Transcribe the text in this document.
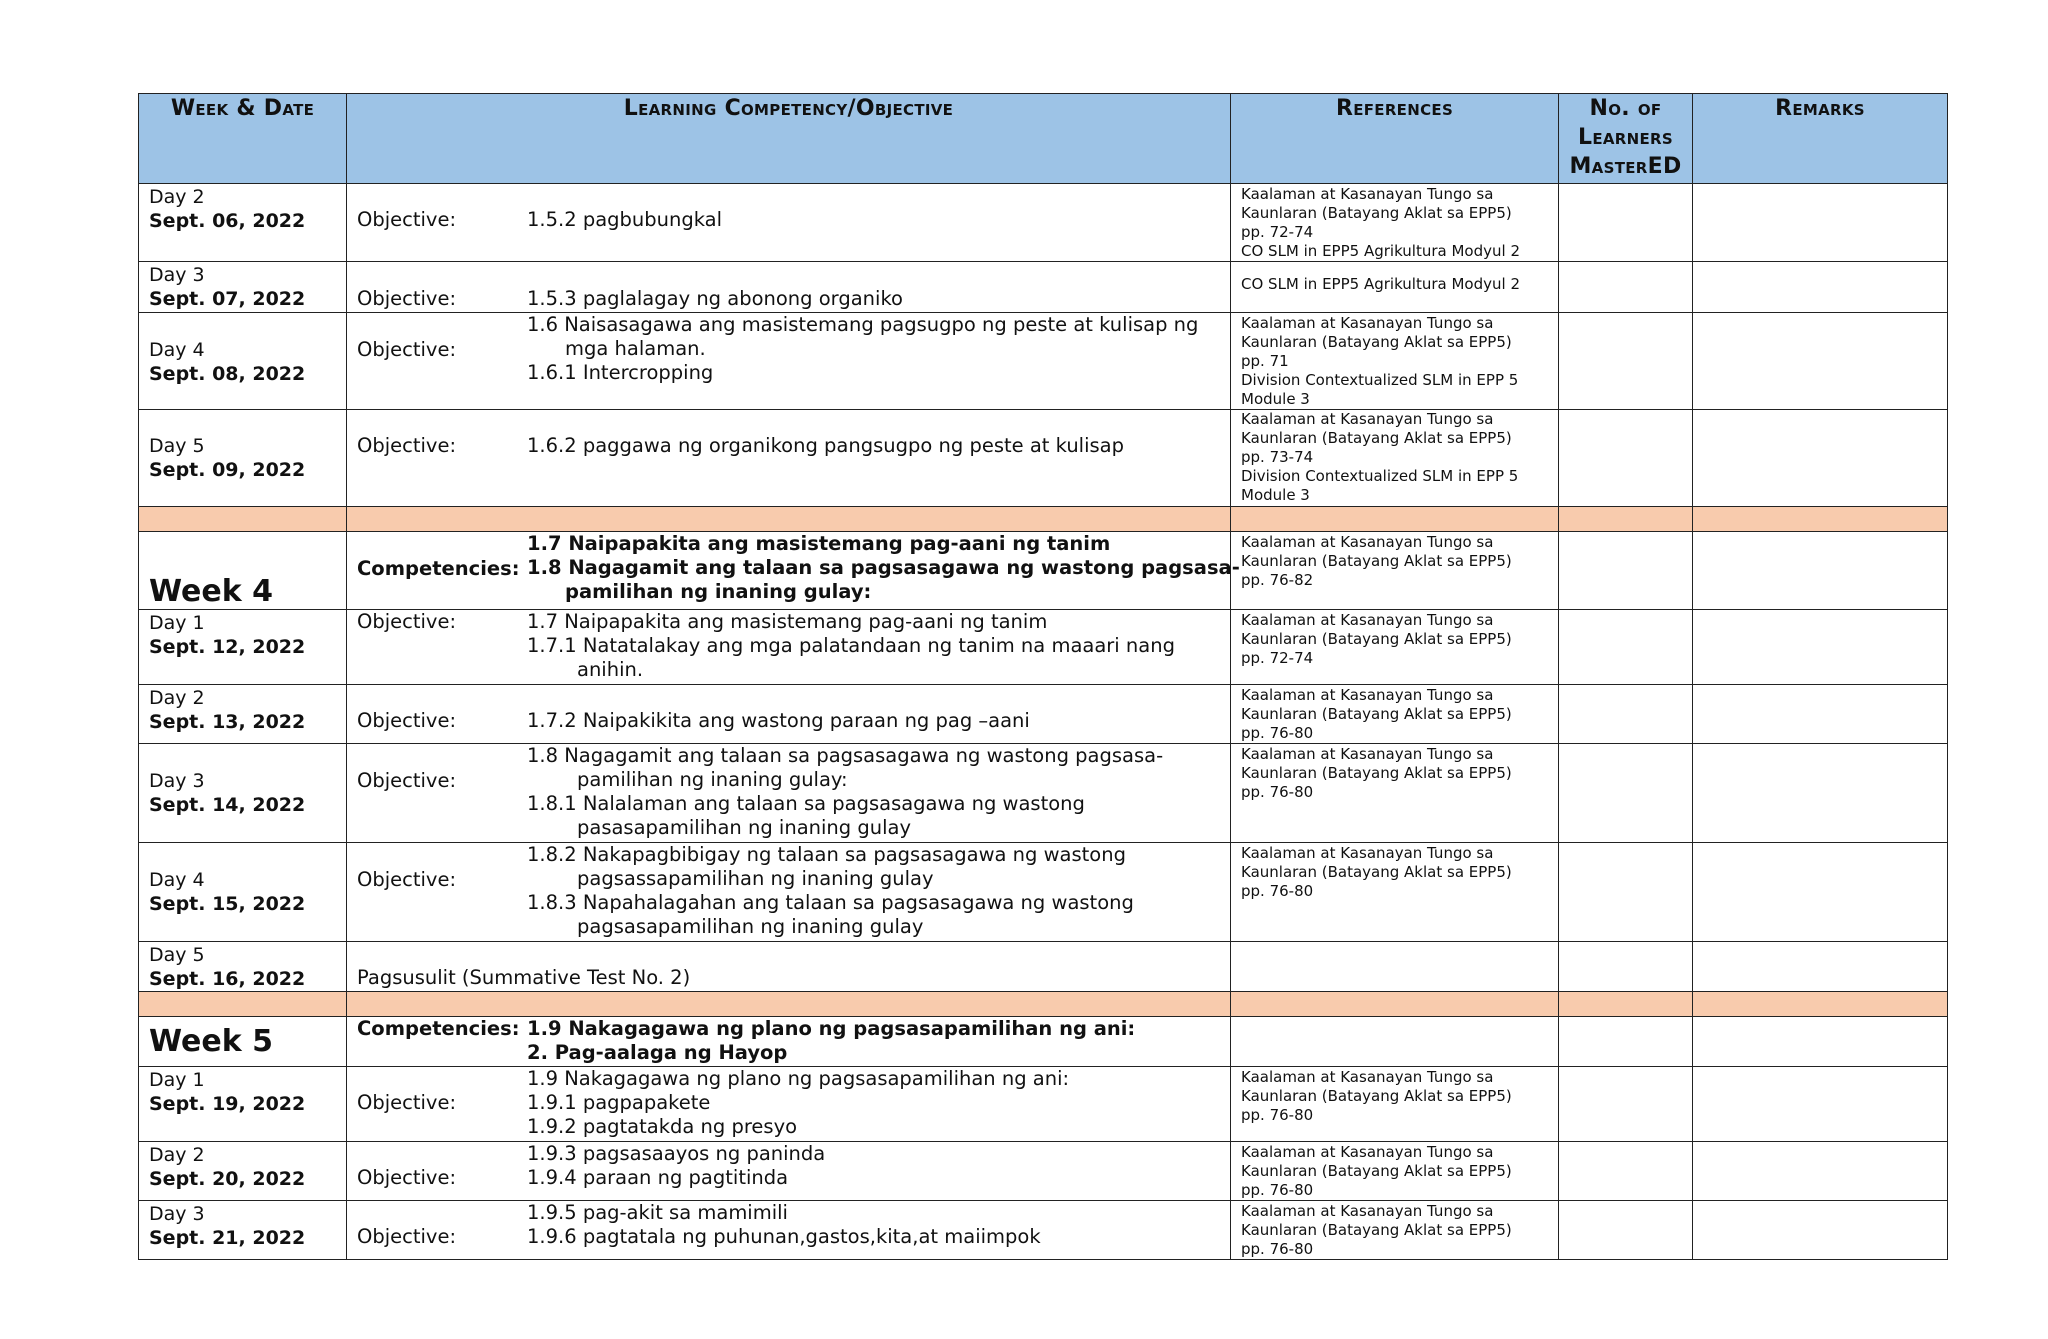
Week & Date	Learning Competency/Objective	References	No. of
Learners
MasterED	Remarks

Day 2
Sept. 06, 2022	Objective: 1.5.2 pagbubungkal	Kaalaman at Kasanayan Tungo sa
Kaunlaran (Batayang Aklat sa EPP5)
pp. 72-74
CO SLM in EPP5 Agrikultura Modyul 2		

Day 3
Sept. 07, 2022	Objective: 1.5.3 paglalagay ng abonong organiko	CO SLM in EPP5 Agrikultura Modyul 2		

Day 4
Sept. 08, 2022	Objective:
1.6 Naisasagawa ang masistemang pagsugpo ng peste at kulisap ng
mga halaman.
1.6.1 Intercropping	Kaalaman at Kasanayan Tungo sa
Kaunlaran (Batayang Aklat sa EPP5)
pp. 71
Division Contextualized SLM in EPP 5
Module 3		

Day 5
Sept. 09, 2022	Objective: 1.6.2 paggawa ng organikong pangsugpo ng peste at kulisap	Kaalaman at Kasanayan Tungo sa
Kaunlaran (Batayang Aklat sa EPP5)
pp. 73-74
Division Contextualized SLM in EPP 5
Module 3		

Week 4	Competencies:
1.7 Naipapakita ang masistemang pag-aani ng tanim
1.8 Nagagamit ang talaan sa pagsasagawa ng wastong pagsasa-
pamilihan ng inaning gulay:	Kaalaman at Kasanayan Tungo sa
Kaunlaran (Batayang Aklat sa EPP5)
pp. 76-82		

Day 1
Sept. 12, 2022	Objective: 1.7 Naipapakita ang masistemang pag-aani ng tanim
1.7.1 Natatalakay ang mga palatandaan ng tanim na maaari nang
anihin.	Kaalaman at Kasanayan Tungo sa
Kaunlaran (Batayang Aklat sa EPP5)
pp. 72-74		

Day 2
Sept. 13, 2022	Objective: 1.7.2 Naipakikita ang wastong paraan ng pag –aani	Kaalaman at Kasanayan Tungo sa
Kaunlaran (Batayang Aklat sa EPP5)
pp. 76-80		

Day 3
Sept. 14, 2022	Objective:
1.8 Nagagamit ang talaan sa pagsasagawa ng wastong pagsasa-
pamilihan ng inaning gulay:
1.8.1 Nalalaman ang talaan sa pagsasagawa ng wastong
pasasapamilihan ng inaning gulay	Kaalaman at Kasanayan Tungo sa
Kaunlaran (Batayang Aklat sa EPP5)
pp. 76-80		

Day 4
Sept. 15, 2022	Objective:
1.8.2 Nakapagbibigay ng talaan sa pagsasagawa ng wastong
pagsassapamilihan ng inaning gulay
1.8.3 Napahalagahan ang talaan sa pagsasagawa ng wastong
pagsasapamilihan ng inaning gulay	Kaalaman at Kasanayan Tungo sa
Kaunlaran (Batayang Aklat sa EPP5)
pp. 76-80		

Day 5
Sept. 16, 2022	Pagsusulit (Summative Test No. 2)			

Week 5	Competencies: 1.9 Nakagagawa ng plano ng pagsasapamilihan ng ani:
2. Pag-aalaga ng Hayop			

Day 1
Sept. 19, 2022	Objective:
1.9 Nakagagawa ng plano ng pagsasapamilihan ng ani:
1.9.1 pagpapakete
1.9.2 pagtatakda ng presyo	Kaalaman at Kasanayan Tungo sa
Kaunlaran (Batayang Aklat sa EPP5)
pp. 76-80		

Day 2
Sept. 20, 2022	Objective:
1.9.3 pagsasaayos ng paninda
1.9.4 paraan ng pagtitinda	Kaalaman at Kasanayan Tungo sa
Kaunlaran (Batayang Aklat sa EPP5)
pp. 76-80		

Day 3
Sept. 21, 2022	Objective:
1.9.5 pag-akit sa mamimili
1.9.6 pagtatala ng puhunan,gastos,kita,at maiimpok	Kaalaman at Kasanayan Tungo sa
Kaunlaran (Batayang Aklat sa EPP5)
pp. 76-80		
